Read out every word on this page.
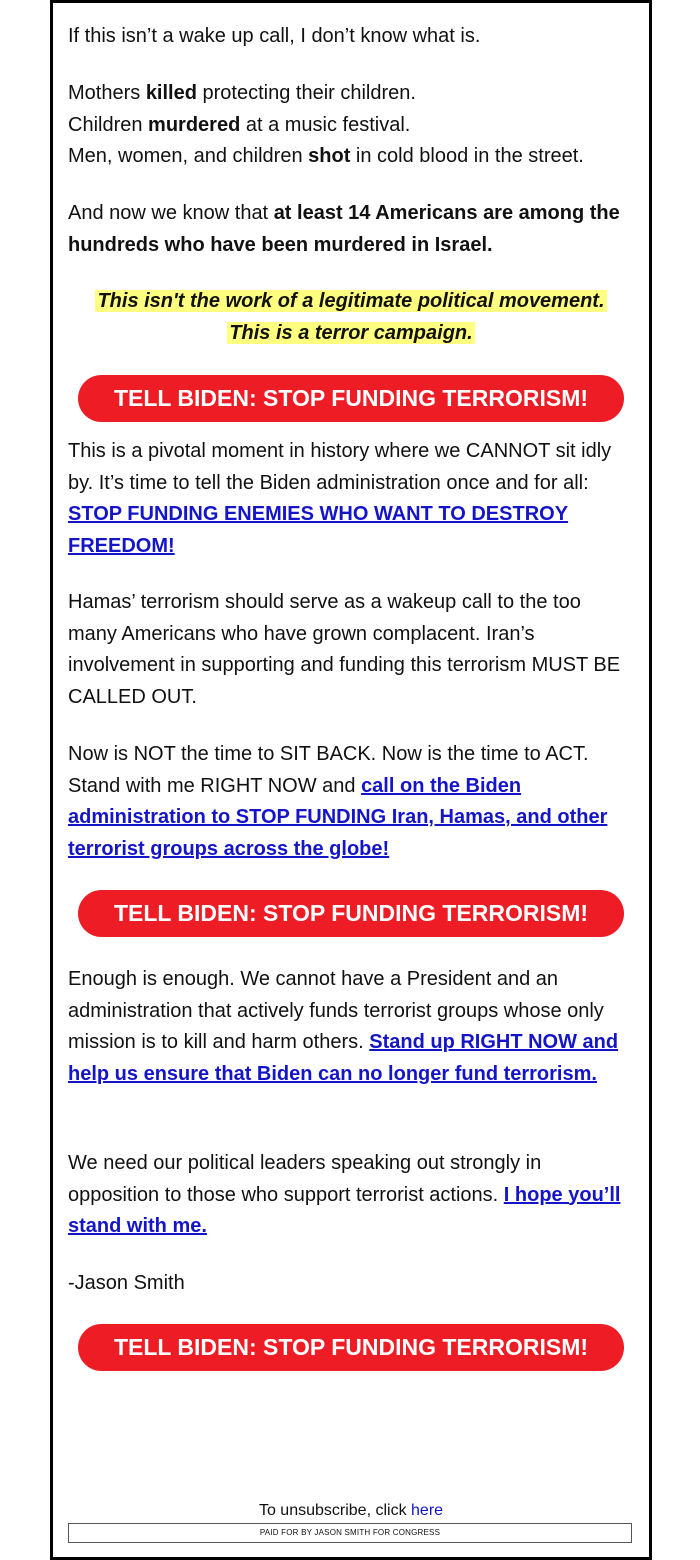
If this isn’t a wake up call, I don’t know what is.

Mothers killed protecting their children.
Children murdered at a music festival.
Men, women, and children shot in cold blood in the street.

And now we know that at least 14 Americans are among the hundreds who have been murdered in Israel.

This isn't the work of a legitimate political movement.
This is a terror campaign.
TELL BIDEN: STOP FUNDING TERRORISM!

This is a pivotal moment in history where we CANNOT sit idly by. It’s time to tell the Biden administration once and for all: STOP FUNDING ENEMIES WHO WANT TO DESTROY FREEDOM!

Hamas’ terrorism should serve as a wakeup call to the too many Americans who have grown complacent. Iran’s involvement in supporting and funding this terrorism MUST BE CALLED OUT.

Now is NOT the time to SIT BACK. Now is the time to ACT. Stand with me RIGHT NOW and call on the Biden administration to STOP FUNDING Iran, Hamas, and other terrorist groups across the globe!

TELL BIDEN: STOP FUNDING TERRORISM!

Enough is enough. We cannot have a President and an administration that actively funds terrorist groups whose only mission is to kill and harm others. Stand up RIGHT NOW and help us ensure that Biden can no longer fund terrorism.

We need our political leaders speaking out strongly in opposition to those who support terrorist actions. I hope you’ll stand with me.

-Jason Smith

TELL BIDEN: STOP FUNDING TERRORISM!
To unsubscribe, click here
PAID FOR BY JASON SMITH FOR CONGRESS
